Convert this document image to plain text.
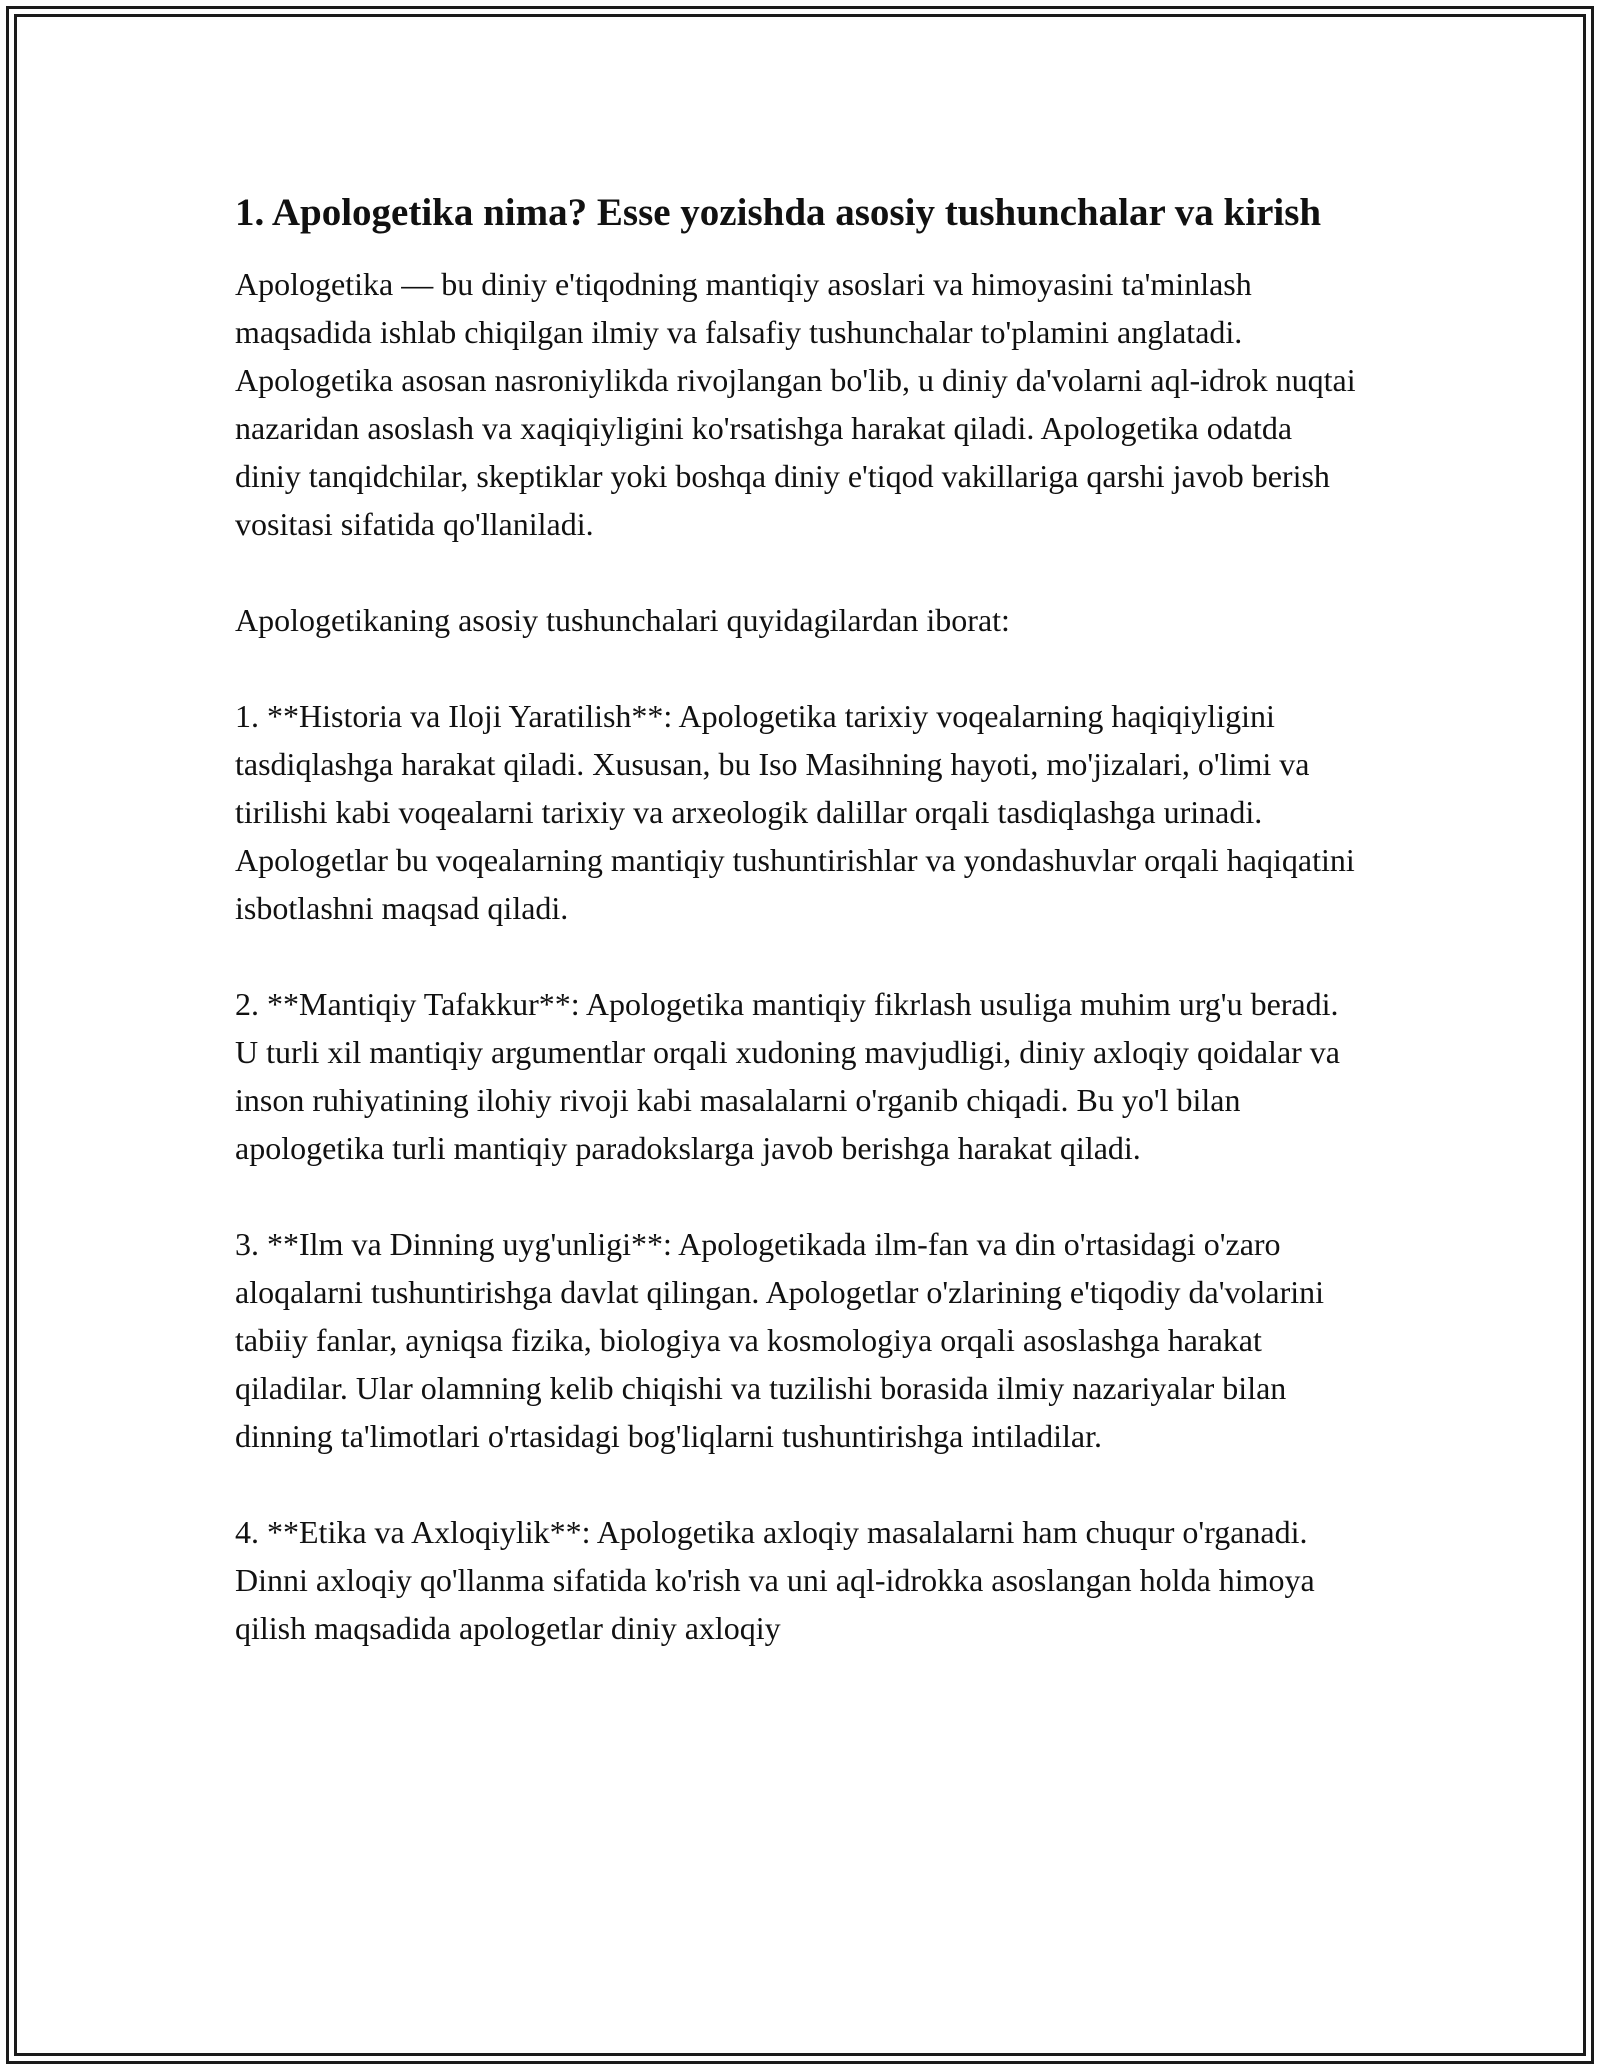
1. Apologetika nima? Esse yozishda asosiy tushunchalar va kirish

Apologetika — bu diniy e'tiqodning mantiqiy asoslari va himoyasini ta'minlash maqsadida ishlab chiqilgan ilmiy va falsafiy tushunchalar to'plamini anglatadi. Apologetika asosan nasroniylikda rivojlangan bo'lib, u diniy da'volarni aql-idrok nuqtai nazaridan asoslash va xaqiqiyligini ko'rsatishga harakat qiladi. Apologetika odatda diniy tanqidchilar, skeptiklar yoki boshqa diniy e'tiqod vakillariga qarshi javob berish vositasi sifatida qo'llaniladi.

Apologetikaning asosiy tushunchalari quyidagilardan iborat:

1. **Historia va Iloji Yaratilish**: Apologetika tarixiy voqealarning haqiqiyligini tasdiqlashga harakat qiladi. Xususan, bu Iso Masihning hayoti, mo'jizalari, o'limi va tirilishi kabi voqealarni tarixiy va arxeologik dalillar orqali tasdiqlashga urinadi. Apologetlar bu voqealarning mantiqiy tushuntirishlar va yondashuvlar orqali haqiqatini isbotlashni maqsad qiladi.

2. **Mantiqiy Tafakkur**: Apologetika mantiqiy fikrlash usuliga muhim urg'u beradi. U turli xil mantiqiy argumentlar orqali xudoning mavjudligi, diniy axloqiy qoidalar va inson ruhiyatining ilohiy rivoji kabi masalalarni o'rganib chiqadi. Bu yo'l bilan apologetika turli mantiqiy paradokslarga javob berishga harakat qiladi.

3. **Ilm va Dinning uyg'unligi**: Apologetikada ilm-fan va din o'rtasidagi o'zaro aloqalarni tushuntirishga davlat qilingan. Apologetlar o'zlarining e'tiqodiy da'volarini tabiiy fanlar, ayniqsa fizika, biologiya va kosmologiya orqali asoslashga harakat qiladilar. Ular olamning kelib chiqishi va tuzilishi borasida ilmiy nazariyalar bilan dinning ta'limotlari o'rtasidagi bog'liqlarni tushuntirishga intiladilar.

4. **Etika va Axloqiylik**: Apologetika axloqiy masalalarni ham chuqur o'rganadi. Dinni axloqiy qo'llanma sifatida ko'rish va uni aql-idrokka asoslangan holda himoya qilish maqsadida apologetlar diniy axloqiy
